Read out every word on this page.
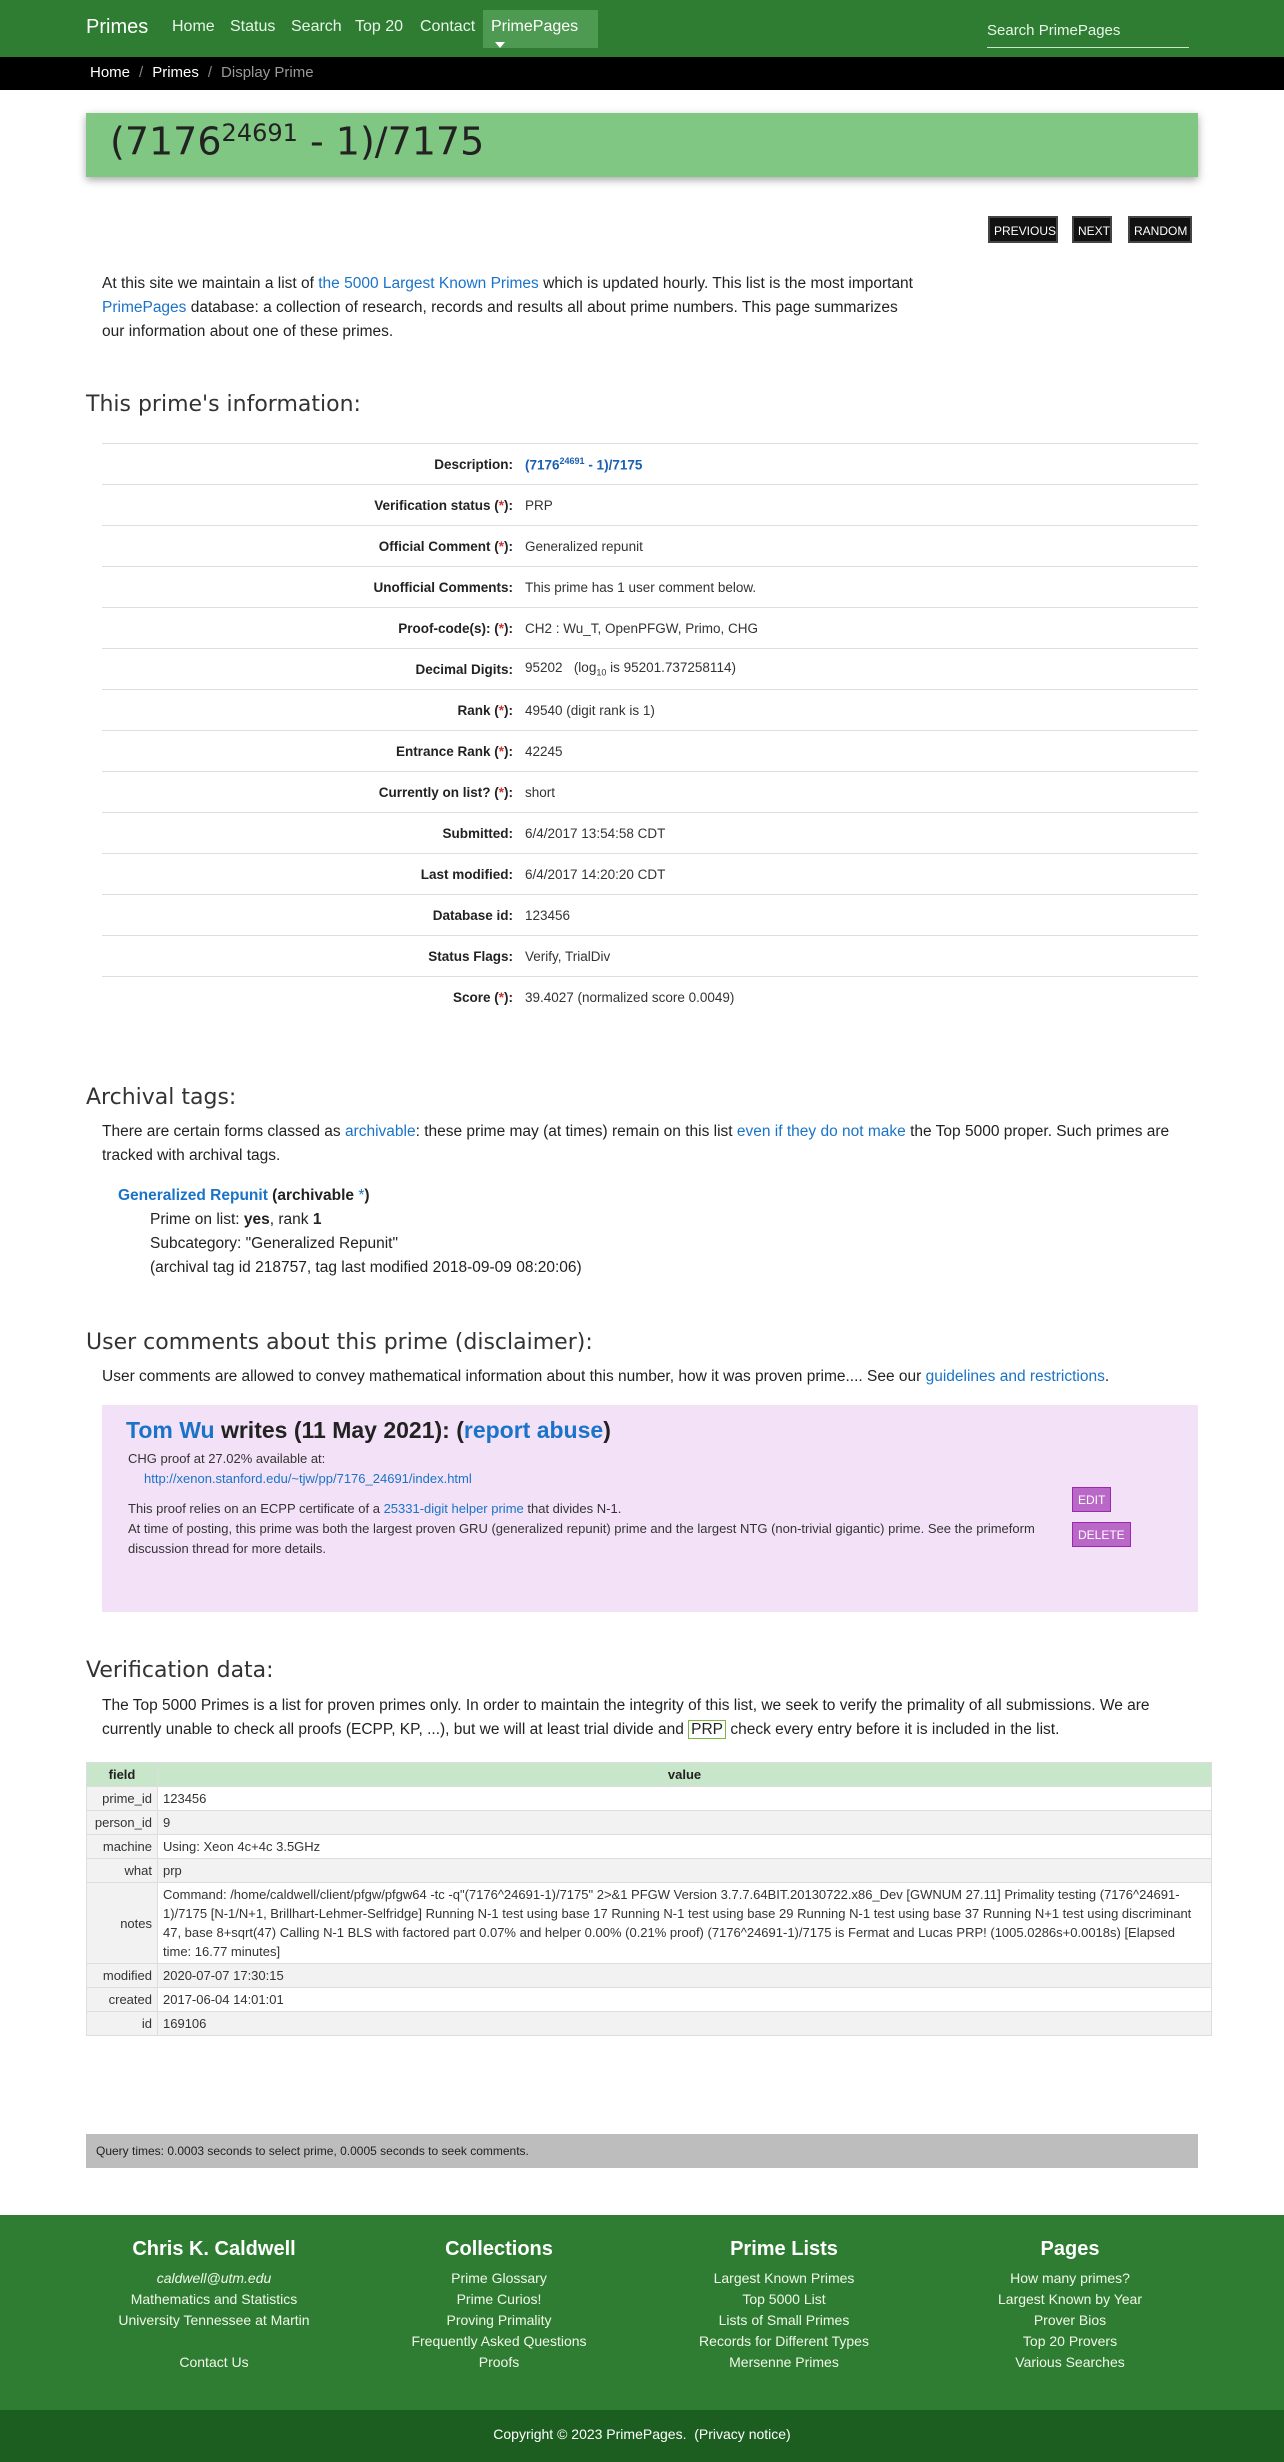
Primes Home Status Search Top 20 Contact PrimePages
Search PrimePages
Home / Primes / Display Prime
$(7176^{24691} - 1)/7175$
PREVIOUS	NEXT	RANDOM
At this site we maintain a list of the 5000 Largest Known Primes which is updated hourly. This list is the most important PrimePages database: a collection of research, records and results all about prime numbers. This page summarizes our information about one of these primes.
This prime's information:
Description: $(7176^{24691} - 1)/7175$
Verification status (*): PRP
Official Comment (*): Generalized repunit
Unofficial Comments: This prime has 1 user comment below.
Proof-code(s): (*): CH2 : Wu_T, OpenPFGW, Primo, CHG
Decimal Digits: 95202 ($\log_{10}$ is 95201.737258114)
Rank (*): 49540 (digit rank is 1)
Entrance Rank (*): 42245
Currently on list? (*): short
Submitted: 6/4/2017 13:54:58 CDT
Last modified: 6/4/2017 14:20:20 CDT
Database id: 123456
Status Flags: Verify, TrialDiv
Score (*): 39.4027 (normalized score 0.0049)
Archival tags:
There are certain forms classed as archivable: these prime may (at times) remain on this list even if they do not make the Top 5000 proper. Such primes are tracked with archival tags.
Generalized Repunit (archivable *)
Prime on list: yes, rank 1
Subcategory: "Generalized Repunit"
(archival tag id 218757, tag last modified 2018-09-09 08:20:06)
User comments about this prime (disclaimer):
User comments are allowed to convey mathematical information about this number, how it was proven prime.... See our guidelines and restrictions.
Tom Wu writes (11 May 2021): (report abuse)
CHG proof at 27.02% available at:
http://xenon.stanford.edu/~tjw/pp/7176_24691/index.html
This proof relies on an ECPP certificate of a 25331-digit helper prime that divides N-1.
At time of posting, this prime was both the largest proven GRU (generalized repunit) prime and the largest NTG (non-trivial gigantic) prime. See the primeform discussion thread for more details.
EDIT
DELETE
Verification data:
The Top 5000 Primes is a list for proven primes only. In order to maintain the integrity of this list, we seek to verify the primality of all submissions. We are currently unable to check all proofs (ECPP, KP, ...), but we will at least trial divide and PRP check every entry before it is included in the list.
field	value
prime_id	123456
person_id	9
machine	Using: Xeon 4c+4c 3.5GHz
what	prp
notes	Command: /home/caldwell/client/pfgw/pfgw64 -tc -q"(7176^24691-1)/7175" 2>&1 PFGW Version 3.7.7.64BIT.20130722.x86_Dev [GWNUM 27.11] Primality testing (7176^24691-1)/7175 [N-1/N+1, Brillhart-Lehmer-Selfridge] Running N-1 test using base 17 Running N-1 test using base 29 Running N-1 test using base 37 Running N+1 test using discriminant 47, base 8+sqrt(47) Calling N-1 BLS with factored part 0.07% and helper 0.00% (0.21% proof) (7176^24691-1)/7175 is Fermat and Lucas PRP! (1005.0286s+0.0018s) [Elapsed time: 16.77 minutes]
modified	2020-07-07 17:30:15
created	2017-06-04 14:01:01
id	169106
Query times: 0.0003 seconds to select prime, 0.0005 seconds to seek comments.
Chris K. Caldwell
caldwell@utm.edu
Mathematics and Statistics
University Tennessee at Martin
Contact Us
Collections
Prime Glossary
Prime Curios!
Proving Primality
Frequently Asked Questions
Proofs
Prime Lists
Largest Known Primes
Top 5000 List
Lists of Small Primes
Records for Different Types
Mersenne Primes
Pages
How many primes?
Largest Known by Year
Prover Bios
Top 20 Provers
Various Searches
Copyright © 2023 PrimePages. (Privacy notice)
